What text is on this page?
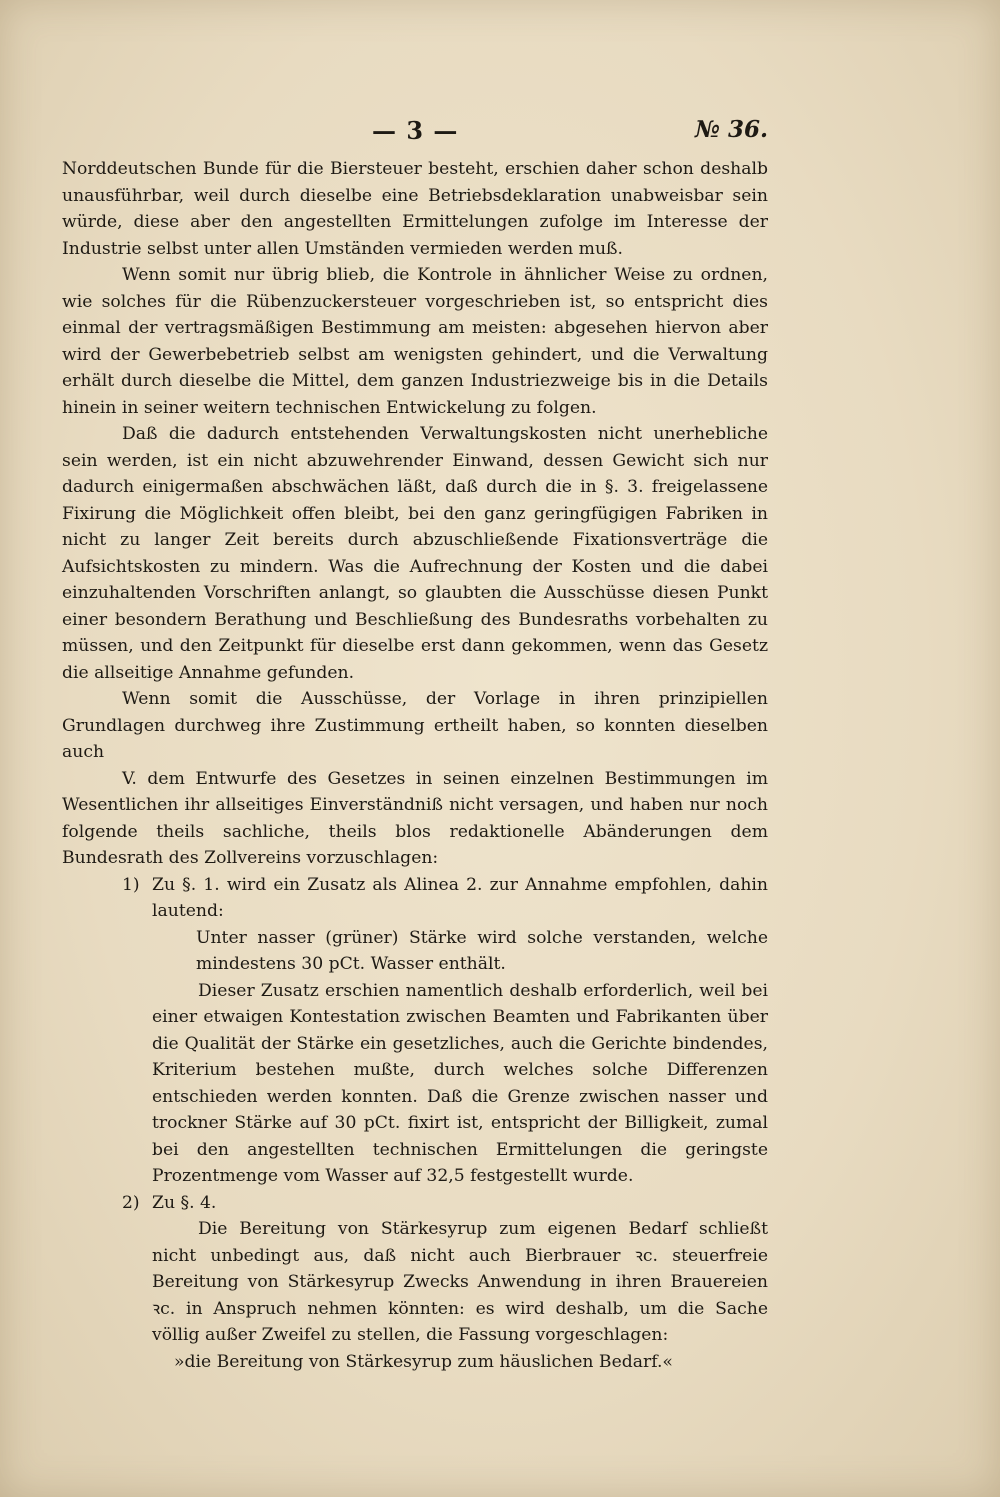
— 3 —	№ 36.

Norddeutschen Bunde für die Biersteuer besteht, erschien daher schon deshalb unausführbar, weil durch dieselbe eine Betriebsdeklaration unabweisbar sein würde, diese aber den angestellten Ermittelungen zufolge im Interesse der Industrie selbst unter allen Umständen vermieden werden muß.

Wenn somit nur übrig blieb, die Kontrole in ähnlicher Weise zu ordnen, wie solches für die Rübenzuckersteuer vorgeschrieben ist, so entspricht dies einmal der vertragsmäßigen Bestimmung am meisten: abgesehen hiervon aber wird der Gewerbebetrieb selbst am wenigsten gehindert, und die Verwaltung erhält durch dieselbe die Mittel, dem ganzen Industriezweige bis in die Details hinein in seiner weitern technischen Entwickelung zu folgen.

Daß die dadurch entstehenden Verwaltungskosten nicht unerhebliche sein werden, ist ein nicht abzuwehrender Einwand, dessen Gewicht sich nur dadurch einigermaßen abschwächen läßt, daß durch die in §. 3. freigelassene Fixirung die Möglichkeit offen bleibt, bei den ganz geringfügigen Fabriken in nicht zu langer Zeit bereits durch abzuschließende Fixationsverträge die Aufsichtskosten zu mindern. Was die Aufrechnung der Kosten und die dabei einzuhaltenden Vorschriften anlangt, so glaubten die Ausschüsse diesen Punkt einer besondern Berathung und Beschließung des Bundesraths vorbehalten zu müssen, und den Zeitpunkt für dieselbe erst dann gekommen, wenn das Gesetz die allseitige Annahme gefunden.

Wenn somit die Ausschüsse, der Vorlage in ihren prinzipiellen Grundlagen durchweg ihre Zustimmung ertheilt haben, so konnten dieselben auch

V. dem Entwurfe des Gesetzes in seinen einzelnen Bestimmungen im Wesentlichen ihr allseitiges Einverständniß nicht versagen, und haben nur noch folgende theils sachliche, theils blos redaktionelle Abänderungen dem Bundesrath des Zollvereins vorzuschlagen:

1) Zu §. 1. wird ein Zusatz als Alinea 2. zur Annahme empfohlen, dahin lautend:

Unter nasser (grüner) Stärke wird solche verstanden, welche mindestens 30 pCt. Wasser enthält.

Dieser Zusatz erschien namentlich deshalb erforderlich, weil bei einer etwaigen Kontestation zwischen Beamten und Fabrikanten über die Qualität der Stärke ein gesetzliches, auch die Gerichte bindendes, Kriterium bestehen mußte, durch welches solche Differenzen entschieden werden konnten. Daß die Grenze zwischen nasser und trockner Stärke auf 30 pCt. fixirt ist, entspricht der Billigkeit, zumal bei den angestellten technischen Ermittelungen die geringste Prozentmenge vom Wasser auf 32,5 festgestellt wurde.

2) Zu §. 4.

Die Bereitung von Stärkesyrup zum eigenen Bedarf schließt nicht unbedingt aus, daß nicht auch Bierbrauer ꝛc. steuerfreie Bereitung von Stärkesyrup Zwecks Anwendung in ihren Brauereien ꝛc. in Anspruch nehmen könnten: es wird deshalb, um die Sache völlig außer Zweifel zu stellen, die Fassung vorgeschlagen:

»die Bereitung von Stärkesyrup zum häuslichen Bedarf.«
